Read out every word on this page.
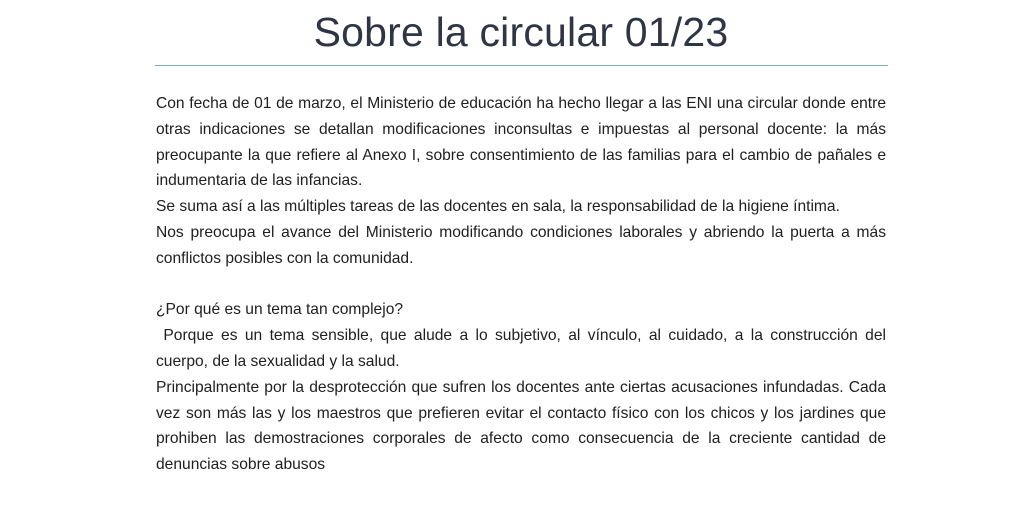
Sobre la circular 01/23

Con fecha de 01 de marzo, el Ministerio de educación ha hecho llegar a las ENI una circular donde entre otras indicaciones se detallan modificaciones inconsultas e impuestas al personal docente: la más preocupante la que refiere al Anexo I, sobre consentimiento de las familias para el cambio de pañales e indumentaria de las infancias.

Se suma así a las múltiples tareas de las docentes en sala, la responsabilidad de la higiene íntima.

Nos preocupa el avance del Ministerio modificando condiciones laborales y abriendo la puerta a más conflictos posibles con la comunidad.

¿Por qué es un tema tan complejo?

Porque es un tema sensible, que alude a lo subjetivo, al vínculo, al cuidado, a la construcción del cuerpo, de la sexualidad y la salud.

Principalmente por la desprotección que sufren los docentes ante ciertas acusaciones infundadas. Cada vez son más las y los maestros que prefieren evitar el contacto físico con los chicos y los jardines que prohiben las demostraciones corporales de afecto como consecuencia de la creciente cantidad de denuncias sobre abusos
